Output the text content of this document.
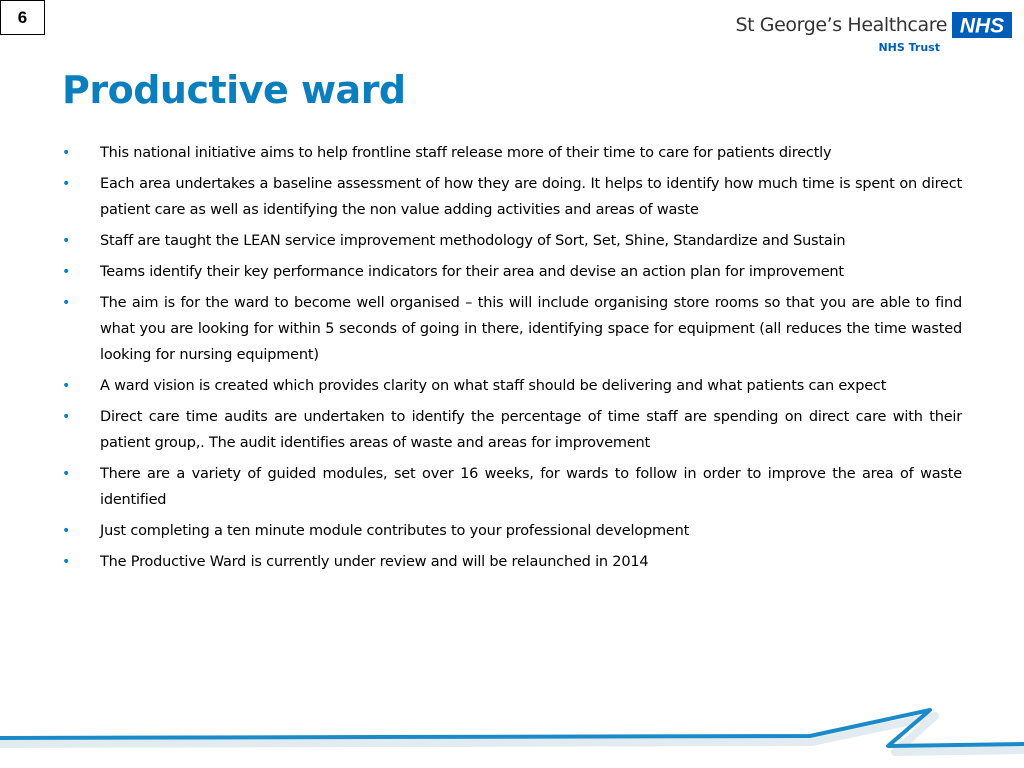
6	St George’s Healthcare NHS
NHS Trust
Productive ward
• This national initiative aims to help frontline staff release more of their time to care for patients directly
• Each area undertakes a baseline assessment of how they are doing. It helps to identify how much time is spent on direct patient care as well as identifying the non value adding activities and areas of waste
• Staff are taught the LEAN service improvement methodology of Sort, Set, Shine, Standardize and Sustain
• Teams identify their key performance indicators for their area and devise an action plan for improvement
• The aim is for the ward to become well organised – this will include organising store rooms so that you are able to find what you are looking for within 5 seconds of going in there, identifying space for equipment (all reduces the time wasted looking for nursing equipment)
• A ward vision is created which provides clarity on what staff should be delivering and what patients can expect
• Direct care time audits are undertaken to identify the percentage of time staff are spending on direct care with their patient group,. The audit identifies areas of waste and areas for improvement
• There are a variety of guided modules, set over 16 weeks, for wards to follow in order to improve the area of waste identified
• Just completing a ten minute module contributes to your professional development
• The Productive Ward is currently under review and will be relaunched in 2014
